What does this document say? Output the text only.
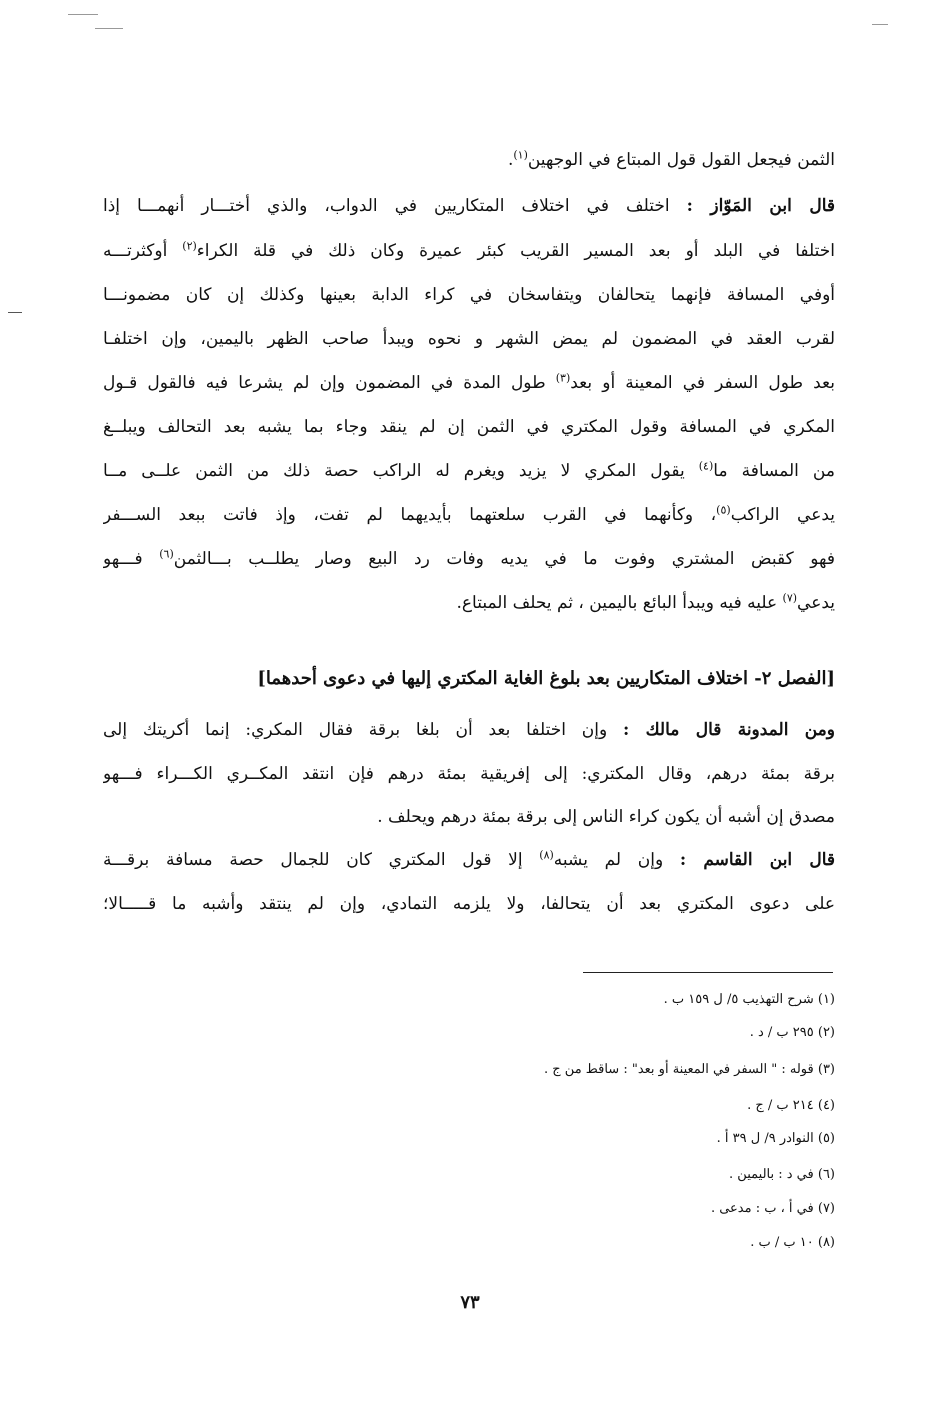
الثمن فيجعل القول قول المبتاع في الوجهين$^{(١)}$.
قال ابن المَوّاز : اختلف في اختلاف المتكاريين في الدواب، والذي أختـــار أنهمـــا إذا
اختلفا في البلد أو بعد المسير القريب كبئر عميرة وكان ذلك في قلة الكراء$^{(٢)}$ أوكثرتـــه
أوفي المسافة فإنهما يتحالفان ويتفاسخان في كراء الدابة بعينها وكذلك إن كان مضمونـــا
لقرب العقد في المضمون لم يمض الشهر و نحوه ويبدأ صاحب الظهر باليمين، وإن اختلفـا
بعد طول السفر في المعينة أو بعد$^{(٣)}$ طول المدة في المضمون وإن لم يشرعا فيه فالقول قـول
المكري في المسافة وقول المكتري في الثمن إن لم ينقد وجاء بما يشبه بعد التحالف ويبلــغ
من المسافة ما$^{(٤)}$ يقول المكري لا يزيد ويغرم له الراكب حصة ذلك من الثمن علــى مــا
يدعي الراكب$^{(٥)}$، وكأنهما في القرب سلعتهما بأيديهما لم تفت، وإذ فاتت ببعد الســـفر
فهو كقبض المشتري وفوت ما في يديه وفات رد البيع وصار يطلــب بـــالثمن$^{(٦)}$ فـــهو
يدعي$^{(٧)}$ عليه فيه ويبدأ البائع باليمين ، ثم يحلف المبتاع.
[الفصل ٢- اختلاف المتكاريين بعد بلوغ الغاية المكتري إليها في دعوى أحدهما]
ومن المدونة قال مالك : وإن اختلفا بعد أن بلغا برقة فقال المكري: إنما أكريتك إلى
برقة بمئة درهم، وقال المكتري: إلى إفريقية بمئة درهم فإن انتقد المكــري الكـــراء فـــهو
مصدق إن أشبه أن يكون كراء الناس إلى برقة بمئة درهم ويحلف .
قال ابن القاسم : وإن لم يشبه$^{(٨)}$ إلا قول المكتري كان للجمال حصة مسافة برقـــة
على دعوى المكتري بعد أن يتحالفا، ولا يلزمه التمادي، وإن لم ينتقد وأشبه ما قـــــالا؛
(١) شرح التهذيب ٥/ ل ١٥٩ ب .
(٢) ٢٩٥ ب / د .
(٣) قوله : " السفر في المعينة أو بعد" : ساقط من ج .
(٤) ٢١٤ ب / ج .
(٥) النوادر ٩/ ل ٣٩ أ .
(٦) في د : باليمين .
(٧) في أ ، ب : مدعى .
(٨) ١٠ ب / ب .
٧٣
